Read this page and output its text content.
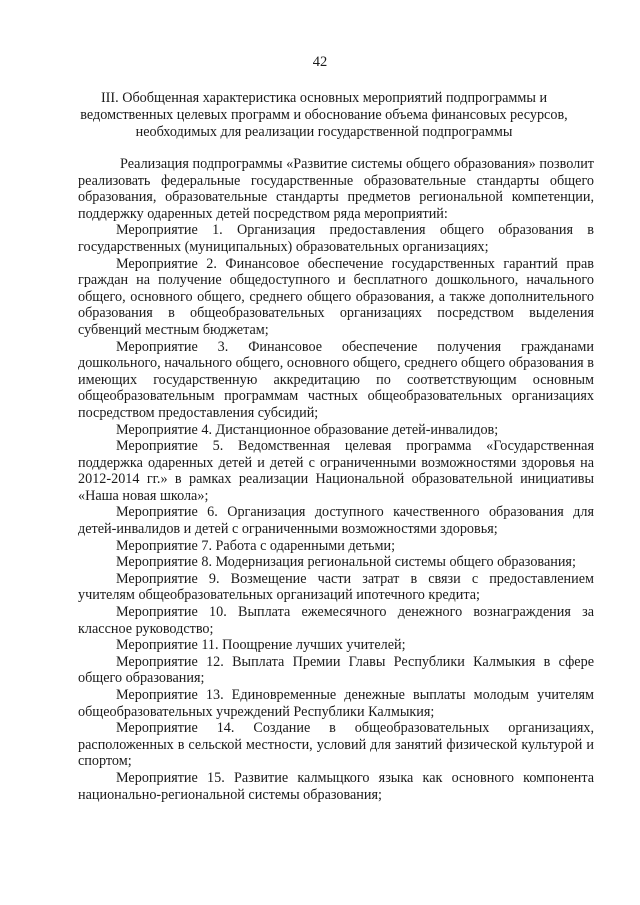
42
III. Обобщенная характеристика основных мероприятий подпрограммы и ведомственных целевых программ и обоснование объема финансовых ресурсов, необходимых для реализации государственной подпрограммы

Реализация подпрограммы «Развитие системы общего образования» позволит реализовать федеральные государственные образовательные стандарты общего образования, образовательные стандарты предметов региональной компетенции, поддержку одаренных детей посредством ряда мероприятий:

Мероприятие 1. Организация предоставления общего образования в государственных (муниципальных) образовательных организациях;

Мероприятие 2. Финансовое обеспечение государственных гарантий прав граждан на получение общедоступного и бесплатного дошкольного, начального общего, основного общего, среднего общего образования, а также дополнительного образования в общеобразовательных организациях посредством выделения субвенций местным бюджетам;

Мероприятие 3. Финансовое обеспечение получения гражданами дошкольного, начального общего, основного общего, среднего общего образования в имеющих государственную аккредитацию по соответствующим основным общеобразовательным программам частных общеобразовательных организациях посредством предоставления субсидий;

Мероприятие 4. Дистанционное образование детей-инвалидов;

Мероприятие 5. Ведомственная целевая программа «Государственная поддержка одаренных детей и детей с ограниченными возможностями здоровья на 2012-2014 гг.» в рамках реализации Национальной образовательной инициативы «Наша новая школа»;

Мероприятие 6. Организация доступного качественного образования для детей-инвалидов и детей с ограниченными возможностями здоровья;

Мероприятие 7. Работа с одаренными детьми;

Мероприятие 8. Модернизация региональной системы общего образования;

Мероприятие 9. Возмещение части затрат в связи с предоставлением учителям общеобразовательных организаций ипотечного кредита;

Мероприятие 10. Выплата ежемесячного денежного вознаграждения за классное руководство;

Мероприятие 11. Поощрение лучших учителей;

Мероприятие 12. Выплата Премии Главы Республики Калмыкия в сфере общего образования;

Мероприятие 13. Единовременные денежные выплаты молодым учителям общеобразовательных учреждений Республики Калмыкия;

Мероприятие 14. Создание в общеобразовательных организациях, расположенных в сельской местности, условий для занятий физической культурой и спортом;

Мероприятие 15. Развитие калмыцкого языка как основного компонента национально-региональной системы образования;
